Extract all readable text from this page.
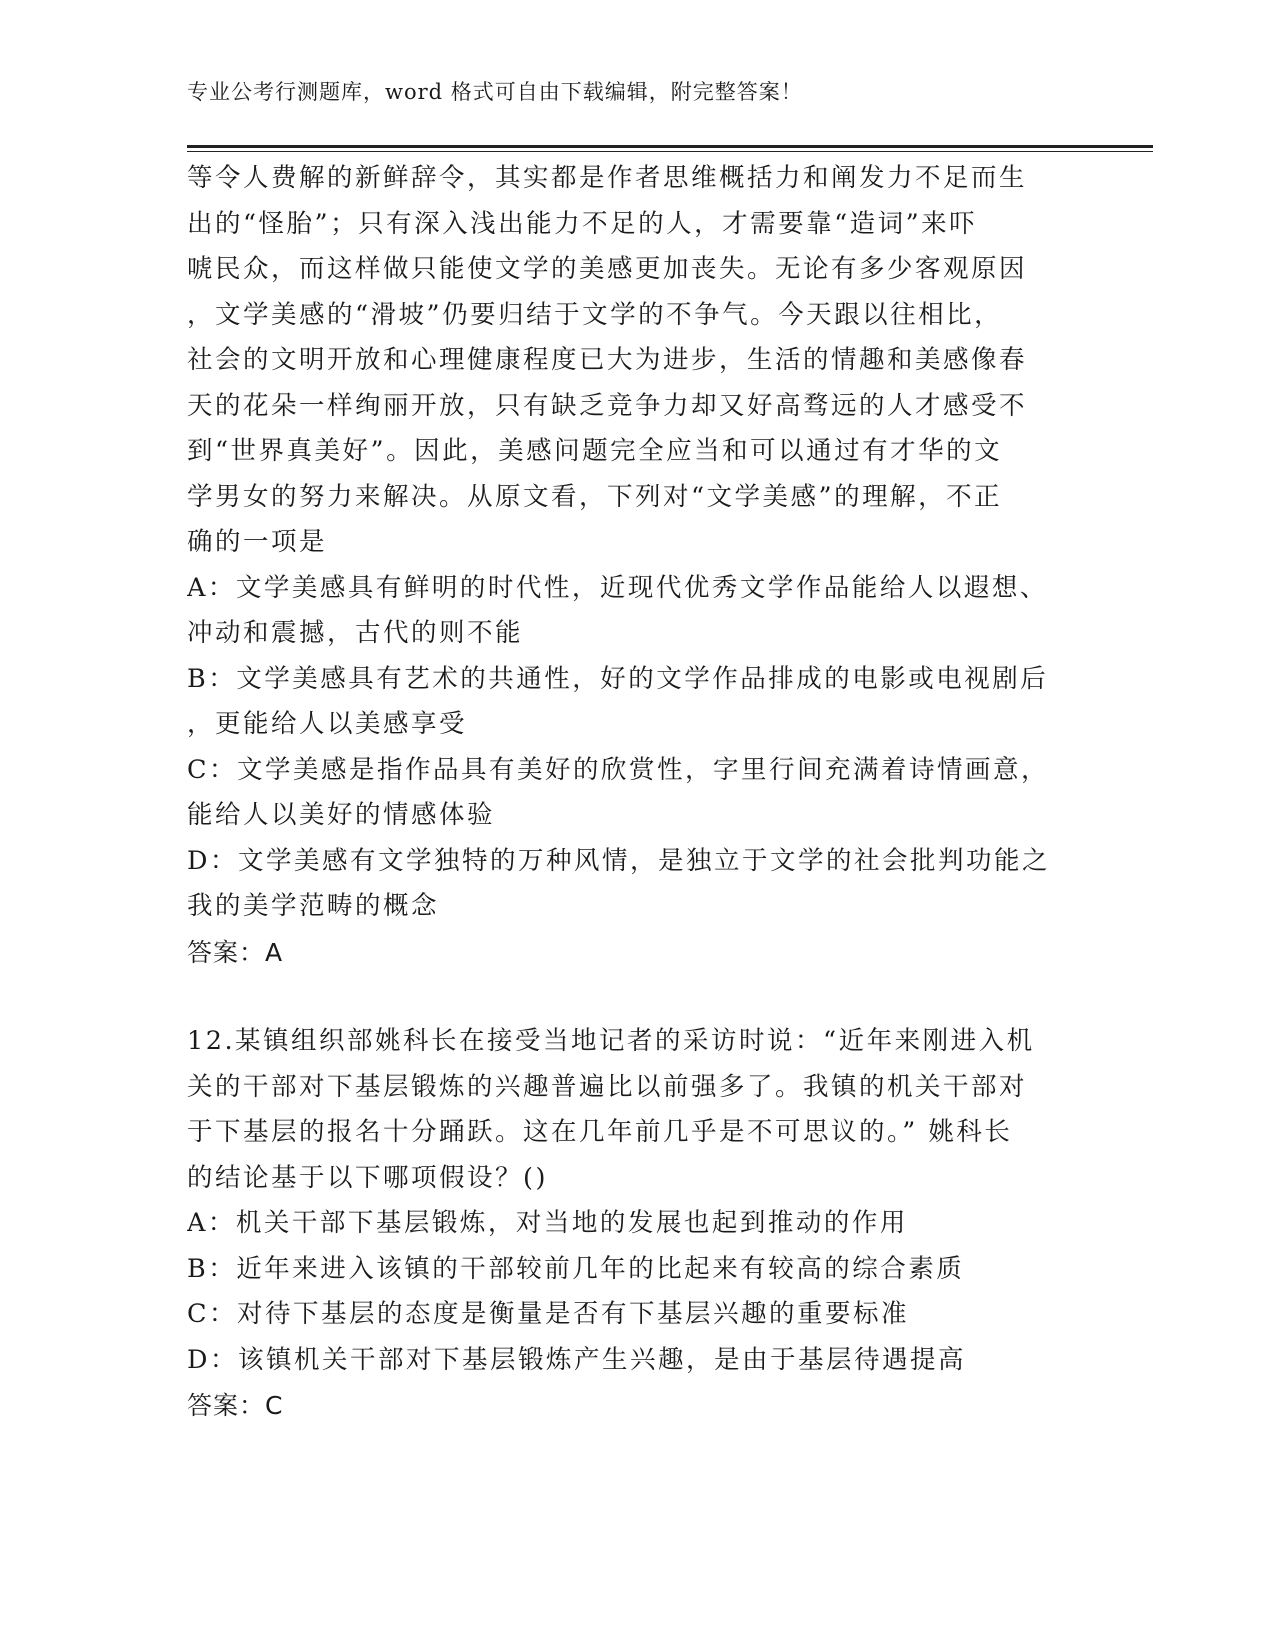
专业公考行测题库，word 格式可自由下载编辑，附完整答案！
等令人费解的新鲜辞令，其实都是作者思维概括力和阐发力不足而生
出的“怪胎”；只有深入浅出能力不足的人，才需要靠“造词”来吓
唬民众，而这样做只能使文学的美感更加丧失。无论有多少客观原因
，文学美感的“滑坡”仍要归结于文学的不争气。今天跟以往相比，
社会的文明开放和心理健康程度已大为进步，生活的情趣和美感像春
天的花朵一样绚丽开放，只有缺乏竞争力却又好高骛远的人才感受不
到“世界真美好”。因此，美感问题完全应当和可以通过有才华的文
学男女的努力来解决。从原文看，下列对“文学美感”的理解，不正
确的一项是
A：文学美感具有鲜明的时代性，近现代优秀文学作品能给人以遐想、
冲动和震撼，古代的则不能
B：文学美感具有艺术的共通性，好的文学作品排成的电影或电视剧后
，更能给人以美感享受
C：文学美感是指作品具有美好的欣赏性，字里行间充满着诗情画意，
能给人以美好的情感体验
D：文学美感有文学独特的万种风情，是独立于文学的社会批判功能之
我的美学范畴的概念
答案：A
12.某镇组织部姚科长在接受当地记者的采访时说：“近年来刚进入机
关的干部对下基层锻炼的兴趣普遍比以前强多了。我镇的机关干部对
于下基层的报名十分踊跃。这在几年前几乎是不可思议的。” 姚科长
的结论基于以下哪项假设？()
A：机关干部下基层锻炼，对当地的发展也起到推动的作用
B：近年来进入该镇的干部较前几年的比起来有较高的综合素质
C：对待下基层的态度是衡量是否有下基层兴趣的重要标准
D：该镇机关干部对下基层锻炼产生兴趣，是由于基层待遇提高
答案：C
